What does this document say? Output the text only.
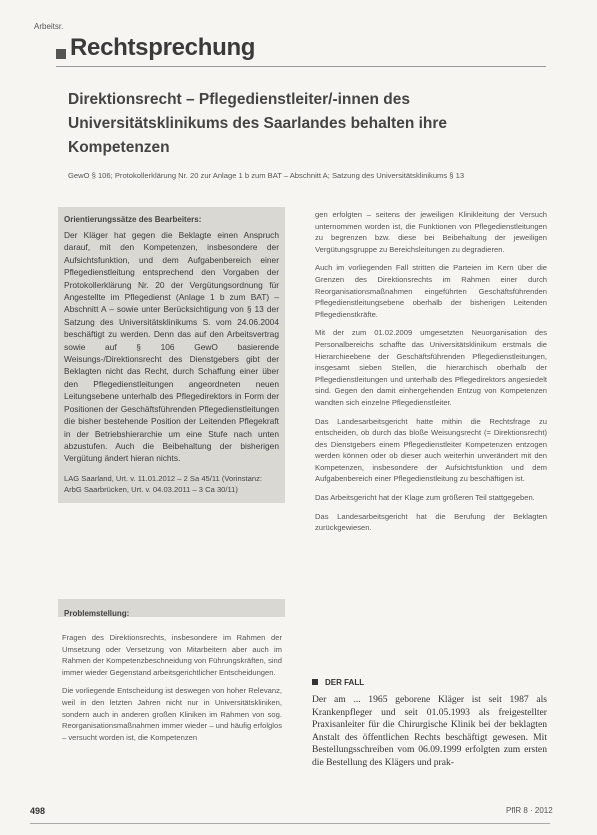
Arbeitsr.
Rechtsprechung
Direktionsrecht – Pflegedienstleiter/-innen des Universitätsklinikums des Saarlandes behalten ihre Kompetenzen
GewO § 106; Protokollerklärung Nr. 20 zur Anlage 1 b zum BAT – Abschnitt A; Satzung des Universitätsklinikums § 13
Orientierungssätze des Bearbeiters:
Der Kläger hat gegen die Beklagte einen Anspruch darauf, mit den Kompetenzen, insbesondere der Aufsichtsfunktion, und dem Aufgabenbereich einer Pflegedienstleitung entsprechend den Vorgaben der Protokollerklärung Nr. 20 der Vergütungsordnung für Angestellte im Pflegedienst (Anlage 1 b zum BAT) – Abschnitt A – sowie unter Berücksichtigung von § 13 der Satzung des Universitätsklinikums S. vom 24.06.2004 beschäftigt zu werden. Denn das auf den Arbeitsvertrag sowie auf § 106 GewO basierende Weisungs-/Direktionsrecht des Dienstgebers gibt der Beklagten nicht das Recht, durch Schaffung einer über den Pflegedienstleitungen angeordneten neuen Leitungsebene unterhalb des Pflegedirektors in Form der Positionen der Geschäftsführenden Pflegedienstleitungen die bisher bestehende Position der Leitenden Pflegekraft in der Betriebshierarchie um eine Stufe nach unten abzustufen. Auch die Beibehaltung der bisherigen Vergütung ändert hieran nichts.
LAG Saarland, Urt. v. 11.01.2012 – 2 Sa 45/11 (Vorinstanz: ArbG Saarbrücken, Urt. v. 04.03.2011 – 3 Ca 30/11)
Problemstellung:

Fragen des Direktionsrechts, insbesondere im Rahmen der Umsetzung oder Versetzung von Mitarbeitern aber auch im Rahmen der Kompetenzbeschneidung von Führungskräften, sind immer wieder Gegenstand arbeitsgerichtlicher Entscheidungen.

Die vorliegende Entscheidung ist deswegen von hoher Relevanz, weil in den letzten Jahren nicht nur in Universitätskliniken, sondern auch in anderen großen Kliniken im Rahmen von sog. Reorganisationsmaßnahmen immer wieder – und häufig erfolglos – versucht worden ist, die Kompetenzen

gen erfolgten – seitens der jeweiligen Klinikleitung der Versuch unternommen worden ist, die Funktionen von Pflegedienstleitungen zu begrenzen bzw. diese bei Beibehaltung der jeweiligen Vergütungsgruppe zu Bereichsleitungen zu degradieren.

Auch im vorliegenden Fall stritten die Parteien im Kern über die Grenzen des Direktionsrechts im Rahmen einer durch Reorganisationsmaßnahmen eingeführten Geschäftsführenden Pflegedienstleitungsebene oberhalb der bisherigen Leitenden Pflegedienstkräfte.

Mit der zum 01.02.2009 umgesetzten Neuorganisation des Personalbereichs schaffte das Universitätsklinikum erstmals die Hierarchieebene der Geschäftsführenden Pflegedienstleitungen, insgesamt sieben Stellen, die hierarchisch oberhalb der Pflegedienstleitungen und unterhalb des Pflegedirektors angesiedelt sind. Gegen den damit einhergehenden Entzug von Kompetenzen wandten sich einzelne Pflegedienstleiter.

Das Landesarbeitsgericht hatte mithin die Rechtsfrage zu entscheiden, ob durch das bloße Weisungsrecht (= Direktionsrecht) des Dienstgebers einem Pflegedienstleiter Kompetenzen entzogen werden können oder ob dieser auch weiterhin unverändert mit den Kompetenzen, insbesondere der Aufsichtsfunktion und dem Aufgabenbereich einer Pflegedienstleitung zu beschäftigen ist.

Das Arbeitsgericht hat der Klage zum größeren Teil stattgegeben.

Das Landesarbeitsgericht hat die Berufung der Beklagten zurückgewiesen.

DER FALL
Der am ... 1965 geborene Kläger ist seit 1987 als Krankenpfleger und seit 01.05.1993 als freigestellter Praxisanleiter für die Chirurgische Klinik bei der beklagten Anstalt des öffentlichen Rechts beschäftigt gewesen. Mit Bestellungsschreiben vom 06.09.1999 erfolgten zum ersten die Bestellung des Klägers und prak-
498	PflR 8 · 2012
